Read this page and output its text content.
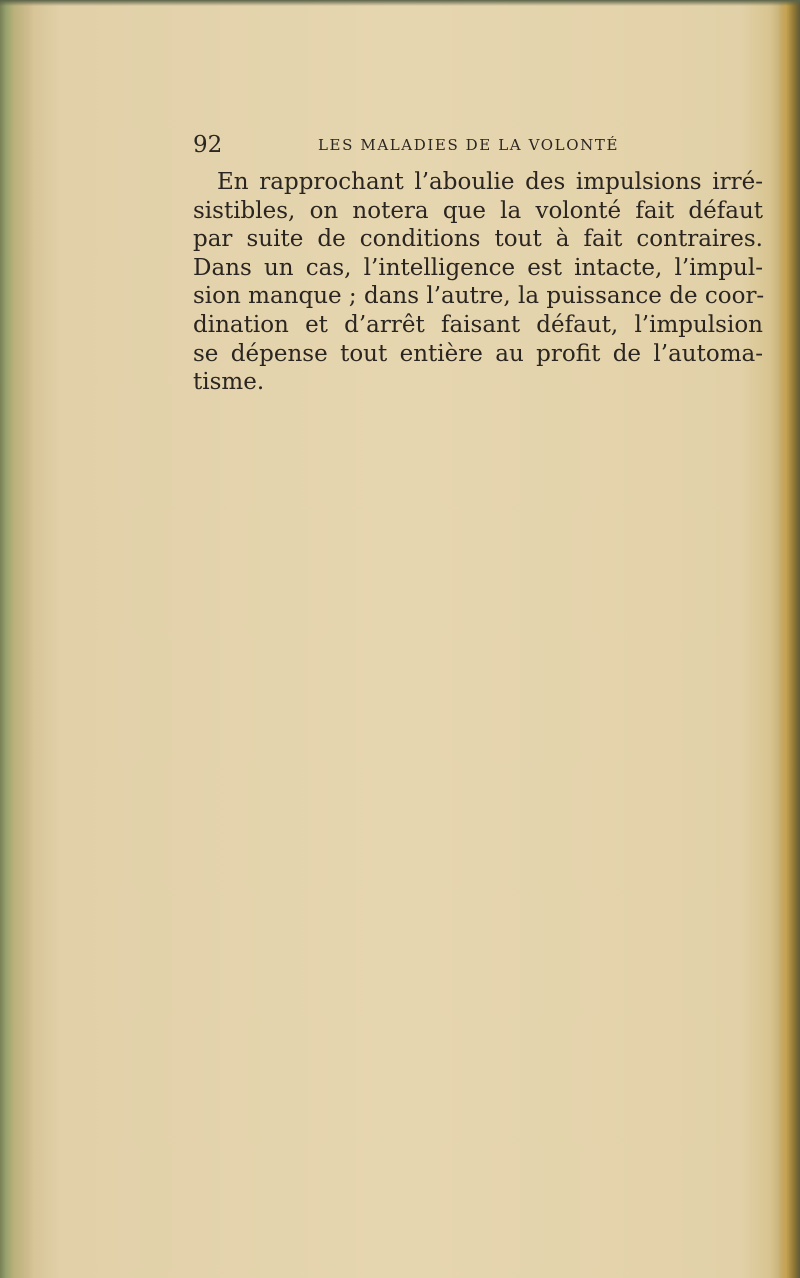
92	LES MALADIES DE LA VOLONTÉ
En rapprochant l’aboulie des impulsions irré-
sistibles, on notera que la volonté fait défaut
par suite de conditions tout à fait contraires.
Dans un cas, l’intelligence est intacte, l’impul-
sion manque ; dans l’autre, la puissance de coor-
dination et d’arrêt faisant défaut, l’impulsion
se dépense tout entière au profit de l’automa-
tisme.
